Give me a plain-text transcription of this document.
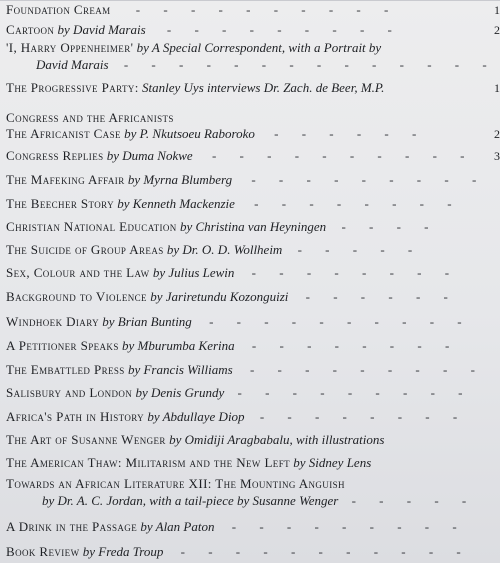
Foundation Cream - - - - - - - - - -	1
Cartoon by David Marais - - - - - - - - -	2
'I, Harry Oppenheimer' by A Special Correspondent, with a Portrait by
David Marais - - - - - - - - - - - - - -
The Progressive Party: Stanley Uys interviews Dr. Zach. de Beer, M.P.	1
Congress and the Africanists
The Africanist Case by P. Nkutsoeu Raboroko - - - - - -	2
Congress Replies by Duma Nokwe - - - - - - - - - - 3
The Mafeking Affair by Myrna Blumberg - - - - - - - - -
The Beecher Story by Kenneth Mackenzie - - - - - - - -
Christian National Education by Christina van Heyningen - - - -
The Suicide of Group Areas by Dr. O. D. Wollheim - - - - -
Sex, Colour and the Law by Julius Lewin - - - - - - - -
Background to Violence by Jariretundu Kozonguizi - - - - - -
Windhoek Diary by Brian Bunting - - - - - - - - - -
A Petitioner Speaks by Mburumba Kerina - - - - - - - -
The Embattled Press by Francis Williams - - - - - - - - -
Salisbury and London by Denis Grundy - - - - - - - - -
Africa's Path in History by Abdullaye Diop - - - - - - - -
The Art of Susanne Wenger by Omidiji Aragbabalu, with illustrations
The American Thaw: Militarism and the New Left by Sidney Lens
Towards an African Literature XII: The Mounting Anguish
by Dr. A. C. Jordan, with a tail-piece by Susanne Wenger - - - - -
A Drink in the Passage by Alan Paton - - - - - - - - -
Book Review by Freda Troup - - - - - - - - - - -
